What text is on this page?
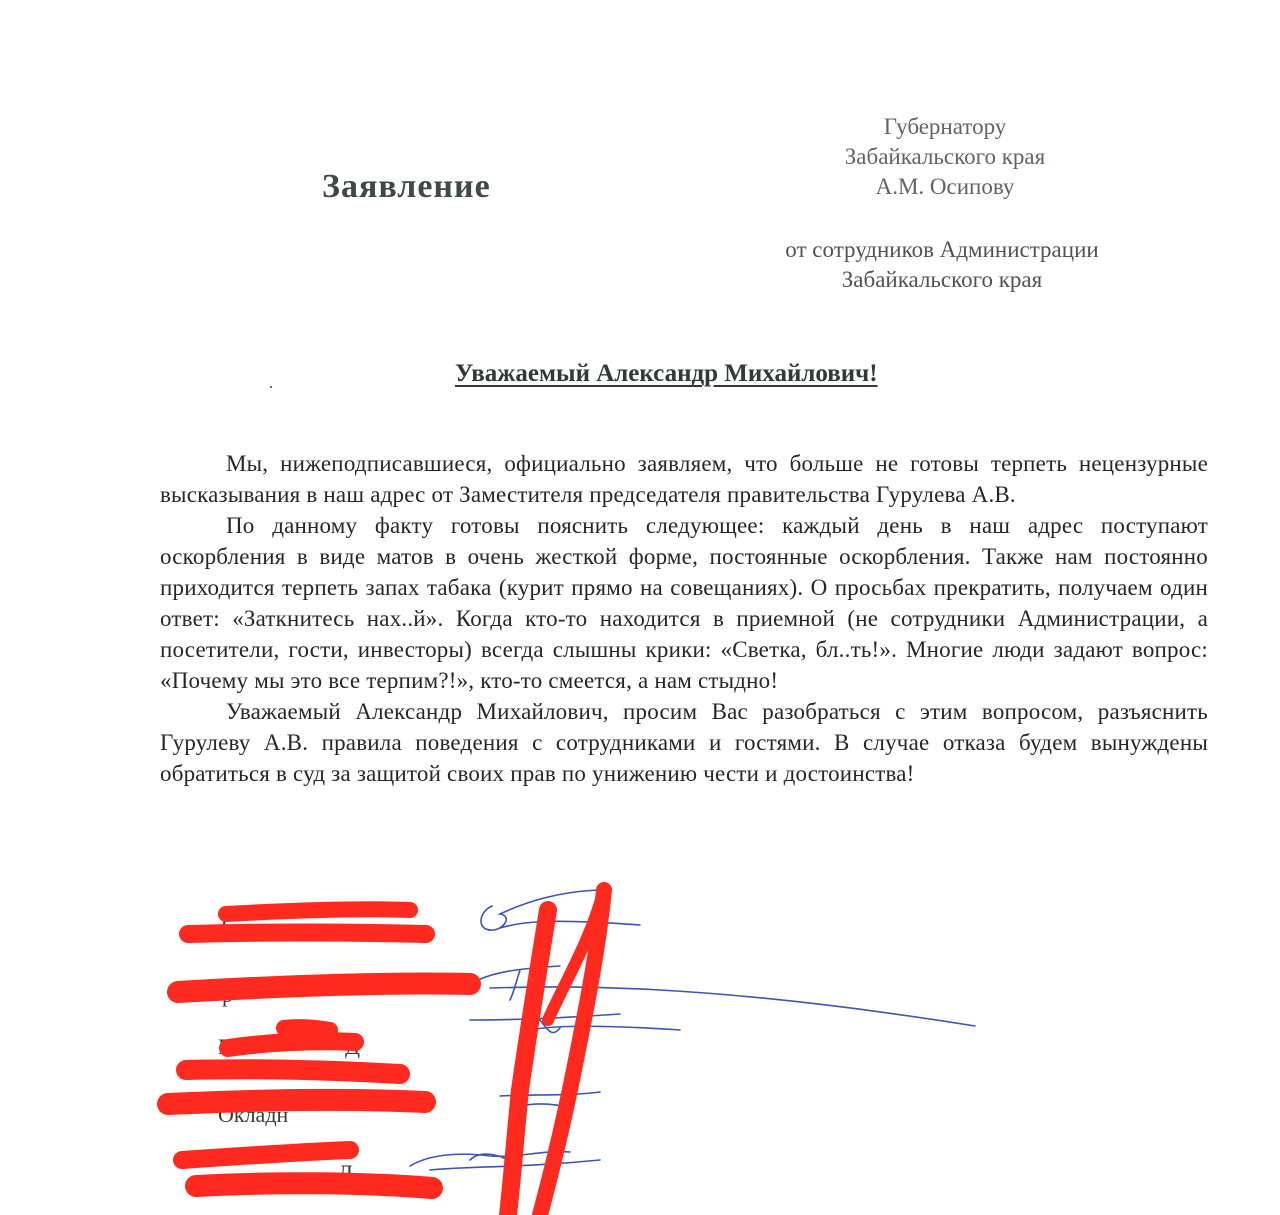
Губернатору
Забайкальского края
А.М. Осипову
Заявление
от сотрудников Администрации
Забайкальского края
Уважаемый Александр Михайлович!

Мы, нижеподписавшиеся, официально заявляем, что больше не готовы терпеть нецензурные высказывания в наш адрес от Заместителя председателя правительства Гурулева А.В.

По данному факту готовы пояснить следующее: каждый день в наш адрес поступают оскорбления в виде матов в очень жесткой форме, постоянные оскорбления. Также нам постоянно приходится терпеть запах табака (курит прямо на совещаниях). О просьбах прекратить, получаем один ответ: «Заткнитесь нах..й». Когда кто-то находится в приемной (не сотрудники Администрации, а посетители, гости, инвесторы) всегда слышны крики: «Светка, бл..ть!». Многие люди задают вопрос: «Почему мы это все терпим?!», кто-то смеется, а нам стыдно!

Уважаемый Александр Михайлович, просим Вас разобраться с этим вопросом, разъяснить Гурулеву А.В. правила поведения с сотрудниками и гостями. В случае отказа будем вынуждены обратиться в суд за защитой своих прав по унижению чести и достоинства!

С
р
В	Д
Окладн
Л
